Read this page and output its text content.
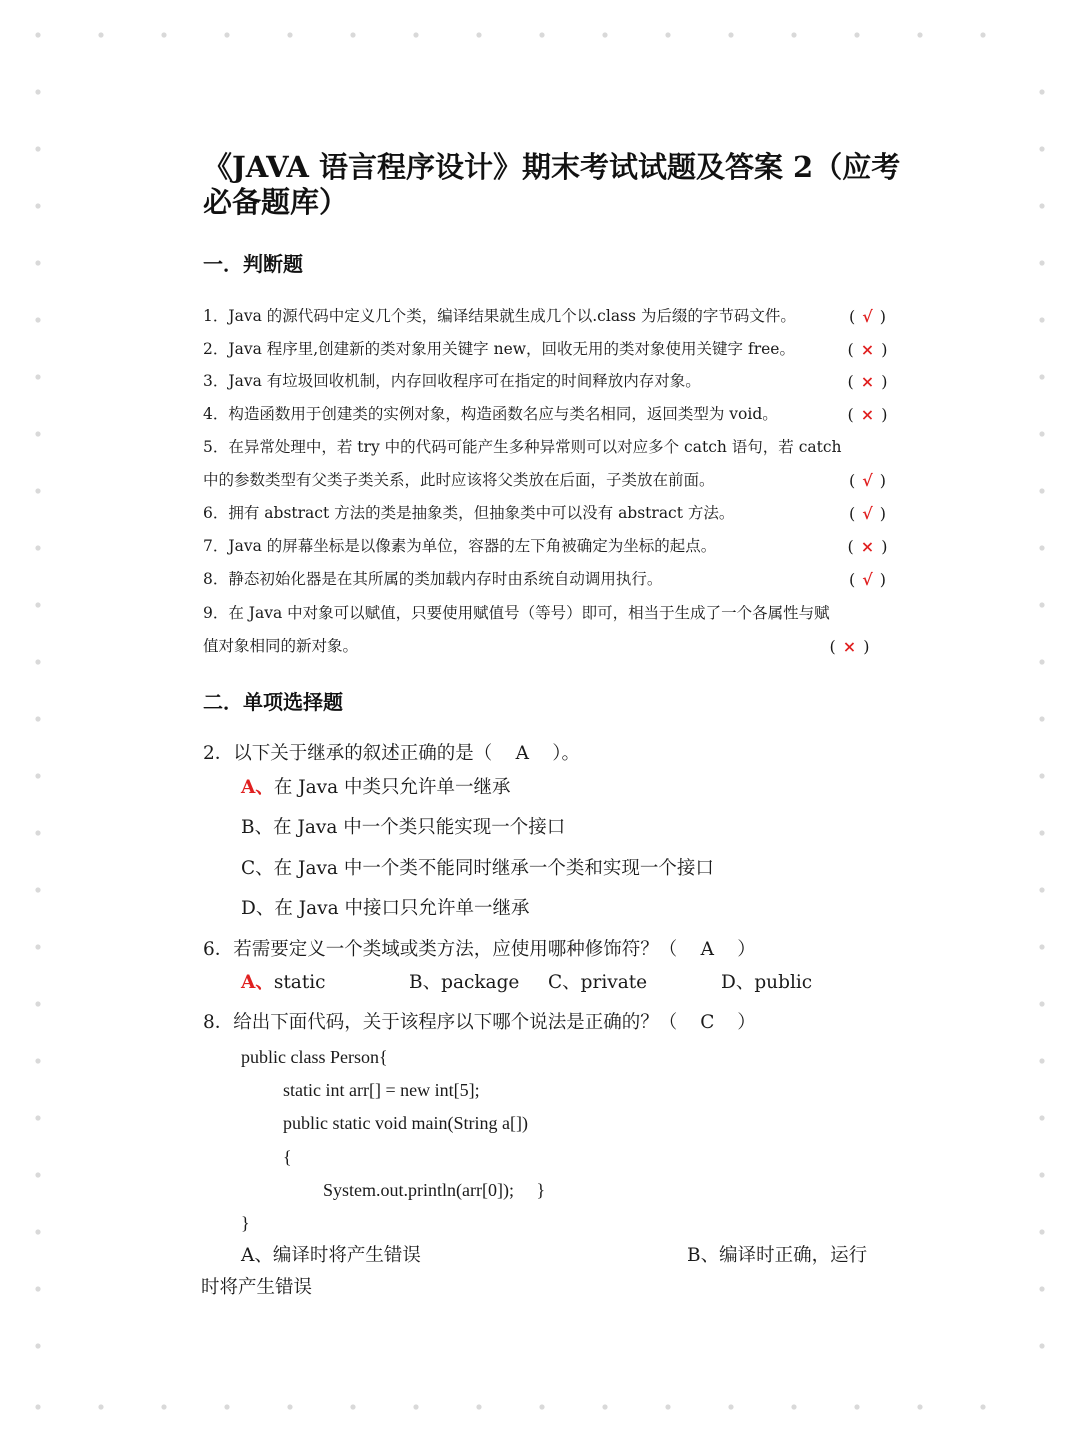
《JAVA 语言程序设计》期末考试试题及答案 2（应考必备题库）
一．判断题
1．Java 的源代码中定义几个类，编译结果就生成几个以.class 为后缀的字节码文件。	( √ )
2．Java 程序里,创建新的类对象用关键字 new，回收无用的类对象使用关键字 free。	( × )
3．Java 有垃圾回收机制，内存回收程序可在指定的时间释放内存对象。	( × )
4．构造函数用于创建类的实例对象，构造函数名应与类名相同，返回类型为 void。	( × )
5．在异常处理中，若 try 中的代码可能产生多种异常则可以对应多个 catch 语句，若 catch
中的参数类型有父类子类关系，此时应该将父类放在后面，子类放在前面。	( √ )
6．拥有 abstract 方法的类是抽象类，但抽象类中可以没有 abstract 方法。	( √ )
7．Java 的屏幕坐标是以像素为单位，容器的左下角被确定为坐标的起点。	( × )
8．静态初始化器是在其所属的类加载内存时由系统自动调用执行。	( √ )
9．在 Java 中对象可以赋值，只要使用赋值号（等号）即可，相当于生成了一个各属性与赋
值对象相同的新对象。	( × )
二．单项选择题
2．以下关于继承的叙述正确的是（ A ）。
A、在 Java 中类只允许单一继承
B、在 Java 中一个类只能实现一个接口
C、在 Java 中一个类不能同时继承一个类和实现一个接口
D、在 Java 中接口只允许单一继承
6．若需要定义一个类域或类方法，应使用哪种修饰符？（ A ）
A、static	B、package C、private	D、public
8．给出下面代码，关于该程序以下哪个说法是正确的？（ C ）
public class Person{
static int arr[] = new int[5];
public static void main(String a[])
{
System.out.println(arr[0]);     }
}
A、编译时将产生错误	B、编译时正确，运行
时将产生错误
